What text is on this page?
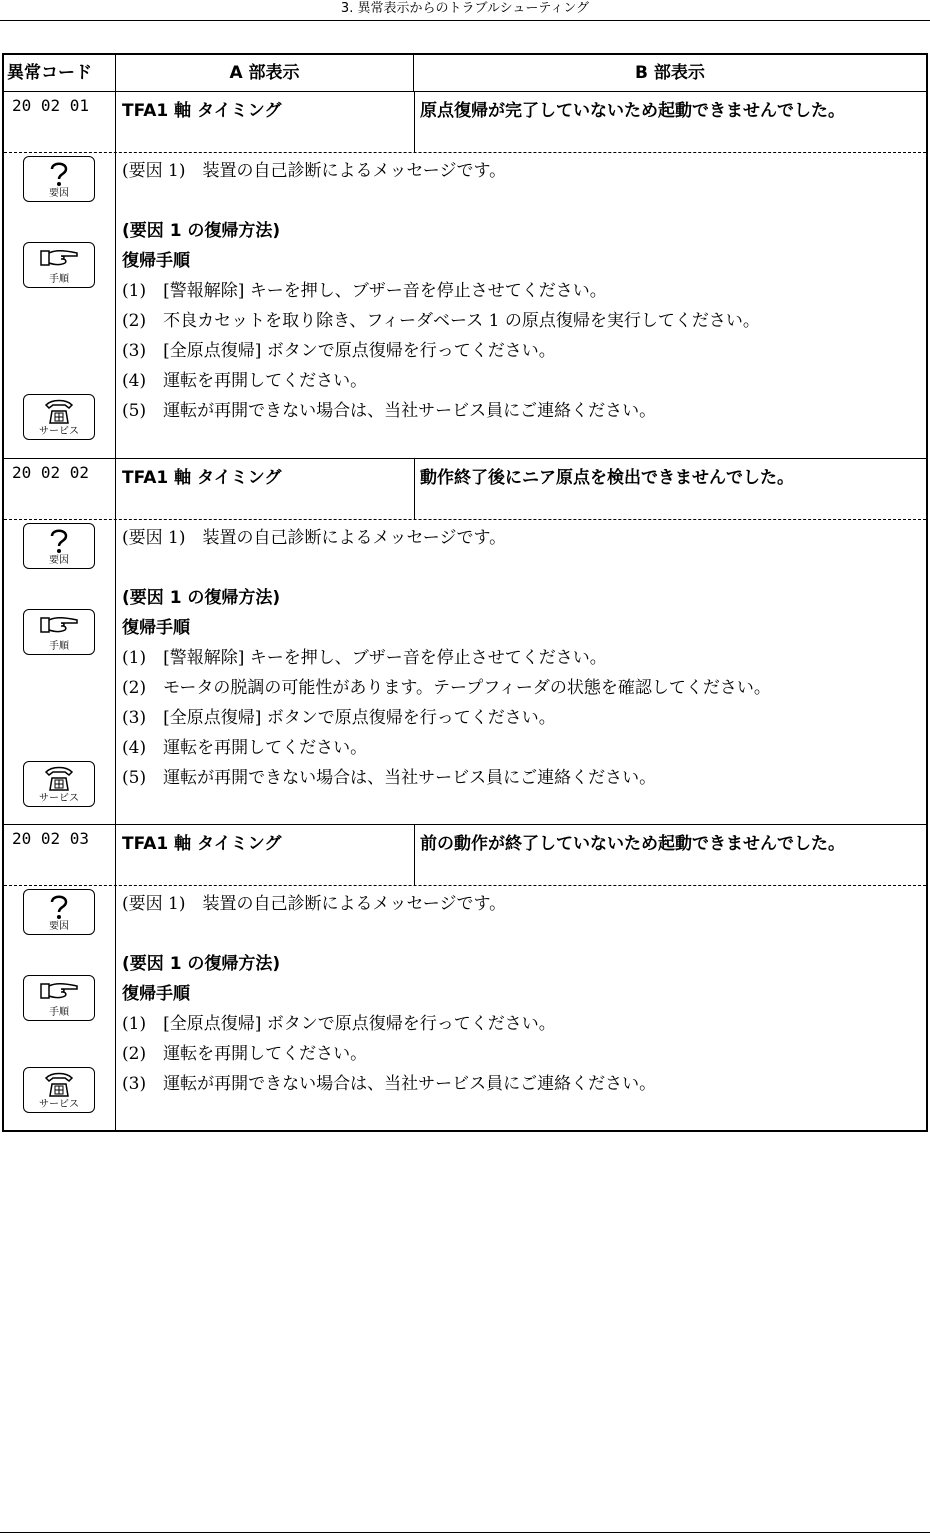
3. 異常表示からのトラブルシューティング
異常コード	A 部表示	B 部表示
20 02 01 TFA1 軸 タイミング	原点復帰が完了していないため起動できませんでした。
(要因 1)　装置の自己診断によるメッセージです。
(要因 1 の復帰方法)
復帰手順
(1)　[警報解除] キーを押し、ブザー音を停止させてください。
(2)　不良カセットを取り除き、フィーダベース 1 の原点復帰を実行してください。
(3)　[全原点復帰] ボタンで原点復帰を行ってください。
(4)　運転を再開してください。
(5)　運転が再開できない場合は、当社サービス員にご連絡ください。
要因
手順
サービス
20 02 02 TFA1 軸 タイミング	動作終了後にニア原点を検出できませんでした。
(要因 1)　装置の自己診断によるメッセージです。
(要因 1 の復帰方法)
復帰手順
(1)　[警報解除] キーを押し、ブザー音を停止させてください。
(2)　モータの脱調の可能性があります。テープフィーダの状態を確認してください。
(3)　[全原点復帰] ボタンで原点復帰を行ってください。
(4)　運転を再開してください。
(5)　運転が再開できない場合は、当社サービス員にご連絡ください。
要因
手順
サービス
20 02 03 TFA1 軸 タイミング	前の動作が終了していないため起動できませんでした。
(要因 1)　装置の自己診断によるメッセージです。
(要因 1 の復帰方法)
復帰手順
(1)　[全原点復帰] ボタンで原点復帰を行ってください。
(2)　運転を再開してください。
(3)　運転が再開できない場合は、当社サービス員にご連絡ください。
要因
手順
サービス
